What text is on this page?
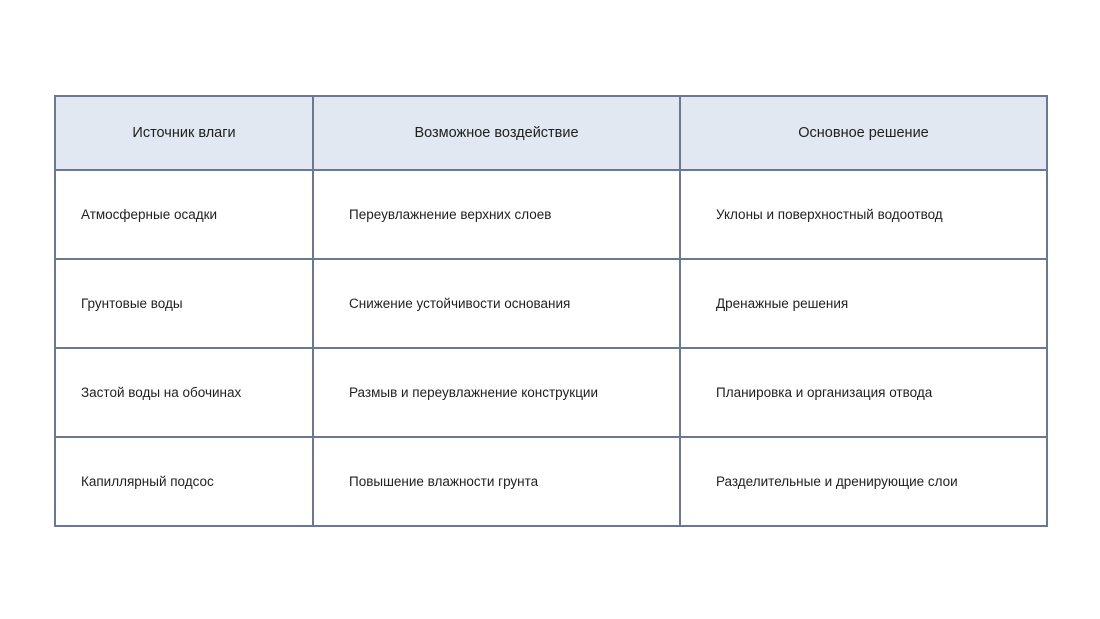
Источник влаги	Возможное воздействие	Основное решение
Атмосферные осадки	Переувлажнение верхних слоев	Уклоны и поверхностный водоотвод
Грунтовые воды	Снижение устойчивости основания	Дренажные решения
Застой воды на обочинах	Размыв и переувлажнение конструкции	Планировка и организация отвода
Капиллярный подсос	Повышение влажности грунта	Разделительные и дренирующие слои
